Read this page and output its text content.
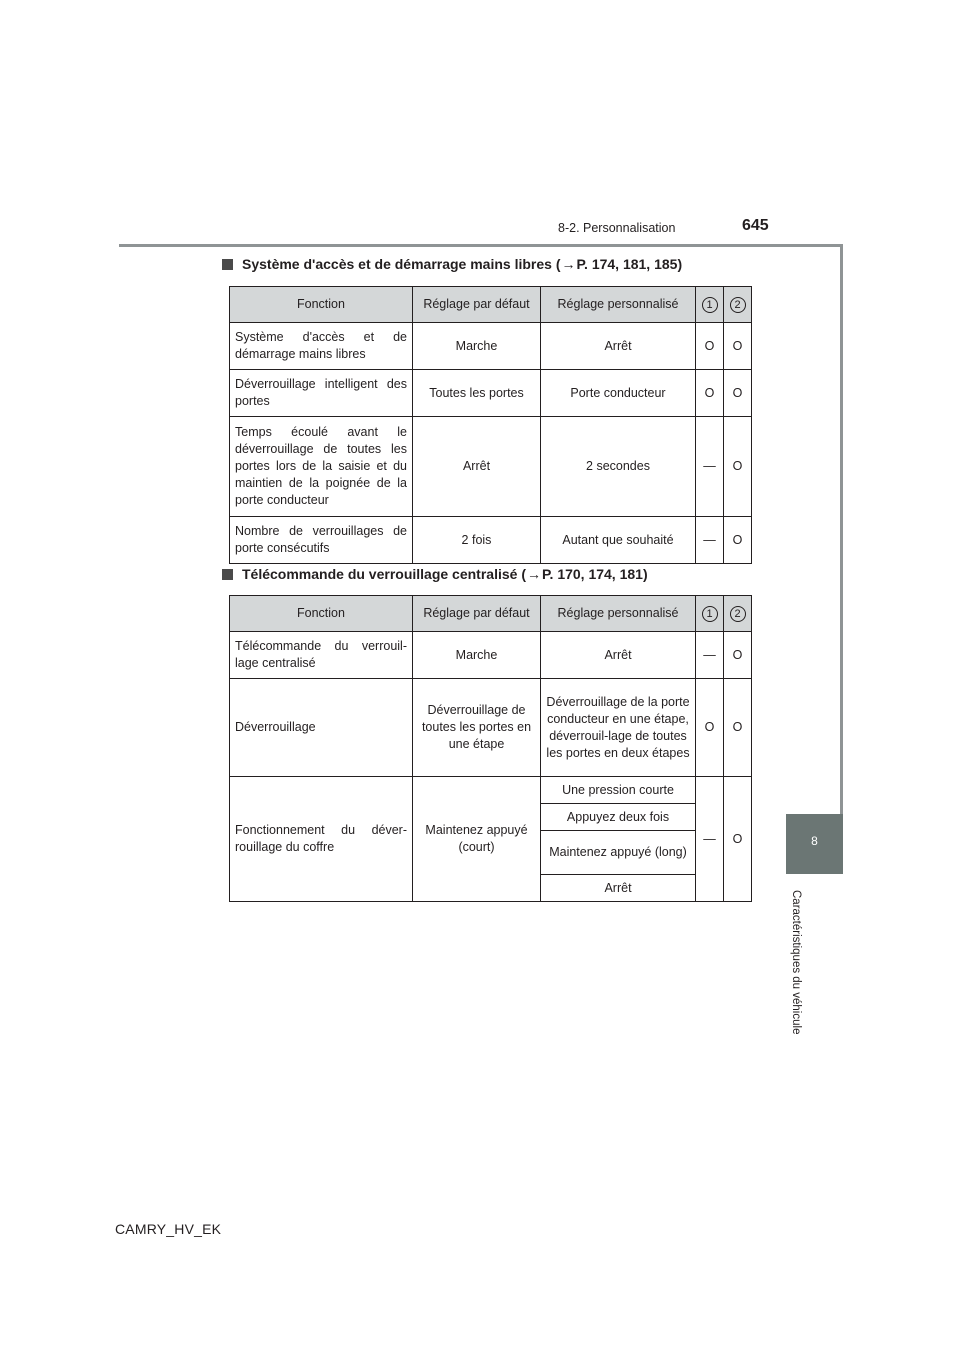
8-2. Personnalisation	645
8
Caractéristiques du véhicule
Système d'accès et de démarrage mains libres ( → P. 174, 181, 185)
Fonction	Réglage par défaut	Réglage personnalisé	1	2
Système d'accès et de démarrage mains libres	Marche	Arrêt	O	O
Déverrouillage intelligent des portes	Toutes les portes	Porte conducteur	O	O
Temps écoulé avant le déverrouillage de toutes les portes lors de la saisie et du maintien de la poignée de la porte conducteur	Arrêt	2 secondes	—	O
Nombre de verrouillages de porte consécutifs	2 fois	Autant que souhaité	—	O
Télécommande du verrouillage centralisé ( → P. 170, 174, 181)
Fonction	Réglage par défaut	Réglage personnalisé	1	2
Télécommande du verrouil-lage centralisé	Marche	Arrêt	—	O
Déverrouillage	Déverrouillage de toutes les portes en une étape	Déverrouillage de la porte conducteur en une étape, déverrouil-lage de toutes les portes en deux étapes	O	O
Fonctionnement du déver-rouillage du coffre	Maintenez appuyé (court)	Une pression courte	—	O
		Appuyez deux fois		
		Maintenez appuyé (long)		
		Arrêt		
CAMRY_HV_EK
